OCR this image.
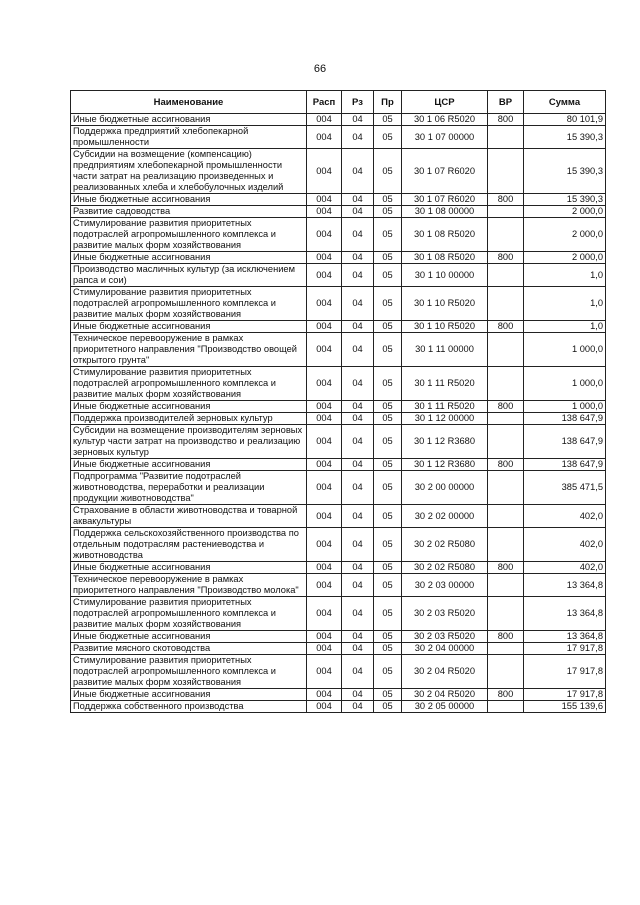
66
Наименование	Расп	Рз	Пр	ЦСР	ВР	Сумма
Иные бюджетные ассигнования	004	04	05	30 1 06 R5020	800	80 101,9
Поддержка предприятий хлебопекарной промышленности	004	04	05	30 1 07 00000		15 390,3
Субсидии на возмещение (компенсацию) предприятиям хлебопекарной промышленности части затрат на реализацию произведенных и реализованных хлеба и хлебобулочных изделий	004	04	05	30 1 07 R6020		15 390,3
Иные бюджетные ассигнования	004	04	05	30 1 07 R6020	800	15 390,3
Развитие садоводства	004	04	05	30 1 08 00000		2 000,0
Стимулирование развития приоритетных подотраслей агропромышленного комплекса и развитие малых форм хозяйствования	004	04	05	30 1 08 R5020		2 000,0
Иные бюджетные ассигнования	004	04	05	30 1 08 R5020	800	2 000,0
Производство масличных культур (за исключением рапса и сои)	004	04	05	30 1 10 00000		1,0
Стимулирование развития приоритетных подотраслей агропромышленного комплекса и развитие малых форм хозяйствования	004	04	05	30 1 10 R5020		1,0
Иные бюджетные ассигнования	004	04	05	30 1 10 R5020	800	1,0
Техническое перевооружение в рамках приоритетного направления "Производство овощей открытого грунта"	004	04	05	30 1 11 00000		1 000,0
Стимулирование развития приоритетных подотраслей агропромышленного комплекса и развитие малых форм хозяйствования	004	04	05	30 1 11 R5020		1 000,0
Иные бюджетные ассигнования	004	04	05	30 1 11 R5020	800	1 000,0
Поддержка производителей зерновых культур	004	04	05	30 1 12 00000		138 647,9
Субсидии на возмещение производителям зерновых культур части затрат на производство и реализацию зерновых культур	004	04	05	30 1 12 R3680		138 647,9
Иные бюджетные ассигнования	004	04	05	30 1 12 R3680	800	138 647,9
Подпрограмма "Развитие подотраслей животноводства, переработки и реализации продукции животноводства"	004	04	05	30 2 00 00000		385 471,5
Страхование в области животноводства и товарной аквакультуры	004	04	05	30 2 02 00000		402,0
Поддержка сельскохозяйственного производства по отдельным подотраслям растениеводства и животноводства	004	04	05	30 2 02 R5080		402,0
Иные бюджетные ассигнования	004	04	05	30 2 02 R5080	800	402,0
Техническое перевооружение в рамках приоритетного направления "Производство молока"	004	04	05	30 2 03 00000		13 364,8
Стимулирование развития приоритетных подотраслей агропромышленного комплекса и развитие малых форм хозяйствования	004	04	05	30 2 03 R5020		13 364,8
Иные бюджетные ассигнования	004	04	05	30 2 03 R5020	800	13 364,8
Развитие мясного скотоводства	004	04	05	30 2 04 00000		17 917,8
Стимулирование развития приоритетных подотраслей агропромышленного комплекса и развитие малых форм хозяйствования	004	04	05	30 2 04 R5020		17 917,8
Иные бюджетные ассигнования	004	04	05	30 2 04 R5020	800	17 917,8
Поддержка собственного производства	004	04	05	30 2 05 00000		155 139,6
